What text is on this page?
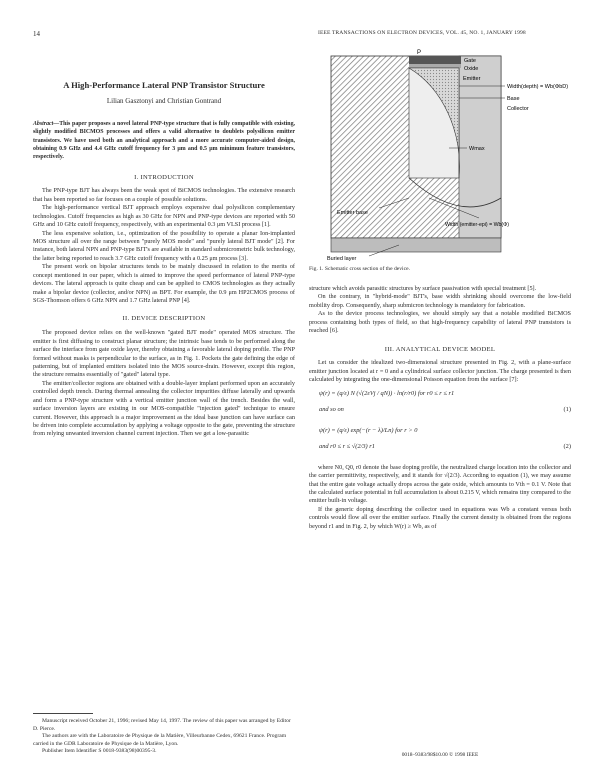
14	IEEE TRANSACTIONS ON ELECTRON DEVICES, VOL. 45, NO. 1, JANUARY 1998
A High-Performance Lateral PNP Transistor Structure
Lilian Gasztonyi and Christian Gontrand
Abstract—This paper proposes a novel lateral PNP-type structure that is fully compatible with existing, slightly modified BICMOS processes and offers a valid alternative to doublets polysilicon emitter transistors. We have used both an analytical approach and a more accurate computer-aided design, obtaining 0.9 GHz and 4.4 GHz cutoff frequency for 3 μm and 0.5 μm minimum feature transistors, respectively.
I. INTRODUCTION

The PNP-type BJT has always been the weak spot of BiCMOS technologies. The extensive research that has been reported so far focuses on a couple of possible solutions.

The high-performance vertical BJT approach employs expensive dual polysilicon complementary technologies. Cutoff frequencies as high as 30 GHz for NPN and PNP-type devices are reported with 50 GHz and 10 GHz cutoff frequency, respectively, with an experimental 0.3 μm VLSI process [1].

The less expensive solution, i.e., optimization of the possibility to operate a planar Ion-implanted MOS structure all over the range between "purely MOS mode" and "purely lateral BJT mode" [2]. For instance, both lateral NPN and PNP-type BJT's are available in standard submicrometric bulk technology, the latter being reported to reach 3.7 GHz cutoff frequency with a 0.25 μm process [3].

The present work on bipolar structures tends to be mainly discussed in relation to the merits of concept mentioned in our paper, which is aimed to improve the speed performance of lateral PNP-type devices. The lateral approach is quite cheap and can be applied to CMOS technologies as they actually make a bipolar device (collector, and/or NPN) as BPT. For example, the 0.9 μm HP2CMOS process of SGS-Thomson offers 6 GHz NPN and 1.7 GHz lateral PNP [4].

II. DEVICE DESCRIPTION

The proposed device relies on the well-known "gated BJT mode" operated MOS structure. The emitter is first diffusing to construct planar structure; the intrinsic base tends to be performed along the surface the interface from gate oxide layer, thereby obtaining a favorable lateral doping profile. The PNP formed without masks is perpendicular to the surface, as in Fig. 1. Pockets the gate defining the edge of patterning, but of implanted emitters isolated into the MOS source-drain. However, except this region, the structure remains essentially of "gated" lateral type.

The emitter/collector regions are obtained with a double-layer implant performed upon an accurately controlled depth trench. During thermal annealing the collector impurities diffuse laterally and upwards and form a PNP-type structure with a vertical emitter junction wall of the trench. Besides the wall, surface inversion layers are existing in our MOS-compatible "injection gated" technique to ensure current. However, this approach is a major improvement as the ideal base junction can have surface can be driven into complete accumulation by applying a voltage opposite to the gate, preventing the structure from relying unwanted inversion channel current injection. Then we get a low-parasitic

Manuscript received October 21, 1996; revised May 14, 1997. The review of this paper was arranged by Editor D. Pierce.

The authors are with the Laboratoire de Physique de la Matière, Villeurbanne Cedex, 69621 France. Program carried in the GDR Laboratoire de Physique de la Matière, Lyon.

Publisher Item Identifier S 0018-9383(98)00395-3.

P
Gate
Oxide
Emitter
Width(depth) = Wb(ΦbD)
Base
Collector
Wmax
Width (emitter-epi) = Wb(Φ)
Emitter base
Buried layer
Fig. 1. Schematic cross section of the device.

structure which avoids parasitic structures by surface passivation with special treatment [5].

On the contrary, in "hybrid-mode" BJT's, base width shrinking should overcome the low-field mobility drop. Consequently, sharp submicron technology is mandatory for fabrication.

As to the device process technologies, we should simply say that a notable modified BiCMOS process containing both types of field, so that high-frequency capability of lateral PNP transistors is reached [6].

III. ANALYTICAL DEVICE MODEL

Let us consider the idealized two-dimensional structure presented in Fig. 2, with a plane-surface emitter junction located at r = 0 and a cylindrical surface collector junction. The charge presented is then calculated by integrating the one-dimensional Poisson equation from the surface [7]:

ψ(r) = (q/ε) N (√(2εVj / qN)) · ln(r/r0) for r0 ≤ r ≤ r1
and so on	(1)
ψ(r) = (q/ε) exp(−(r − λ)/Ln) for r > 0
and r0 ≤ r ≤ √(2/3) r1	(2)

where N0, Q0, r0 denote the base doping profile, the neutralized charge location into the collector and the carrier permittivity, respectively, and it stands for √(2/3). According to equation (1), we may assume that the entire gate voltage actually drops across the gate oxide, which amounts to Vth = 0.1 V. Note that the calculated surface potential in full accumulation is about 0.215 V, which remains tiny compared to the emitter built-in voltage.

If the generic doping describing the collector used in equations was Wb a constant versus both controls would flow all over the emitter surface. Finally the current density is obtained from the regions beyond r1 and in Fig. 2, by which W(r) ≥ Wb, as of

0018–9383/98$10.00 © 1998 IEEE
